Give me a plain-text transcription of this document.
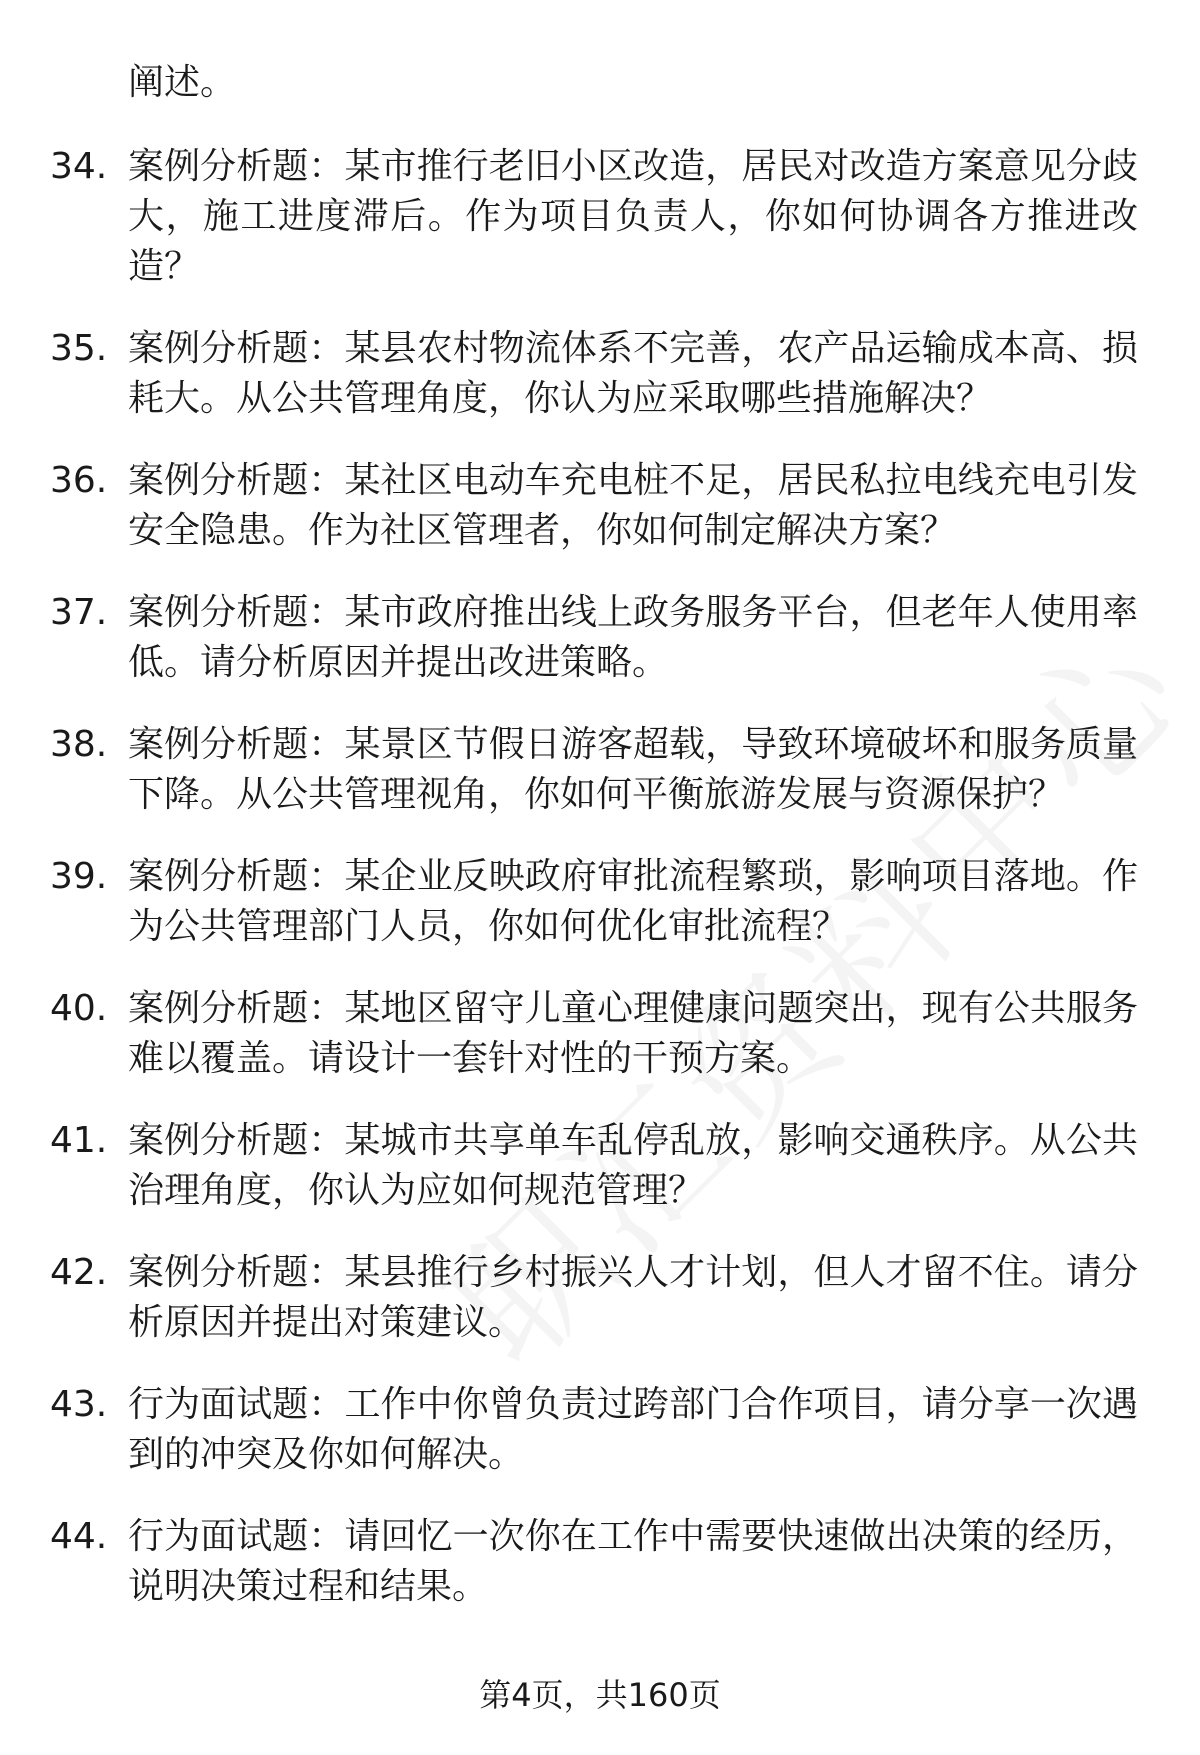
阐述。

34. 案例分析题：某市推行老旧小区改造，居民对改造方案意见分歧大，施工进度滞后。作为项目负责人，你如何协调各方推进改造？

35. 案例分析题：某县农村物流体系不完善，农产品运输成本高、损耗大。从公共管理角度，你认为应采取哪些措施解决？

36. 案例分析题：某社区电动车充电桩不足，居民私拉电线充电引发安全隐患。作为社区管理者，你如何制定解决方案？

37. 案例分析题：某市政府推出线上政务服务平台，但老年人使用率低。请分析原因并提出改进策略。

38. 案例分析题：某景区节假日游客超载，导致环境破坏和服务质量下降。从公共管理视角，你如何平衡旅游发展与资源保护？

39. 案例分析题：某企业反映政府审批流程繁琐，影响项目落地。作为公共管理部门人员，你如何优化审批流程？

40. 案例分析题：某地区留守儿童心理健康问题突出，现有公共服务难以覆盖。请设计一套针对性的干预方案。

41. 案例分析题：某城市共享单车乱停乱放，影响交通秩序。从公共治理角度，你认为应如何规范管理？

42. 案例分析题：某县推行乡村振兴人才计划，但人才留不住。请分析原因并提出对策建议。

43. 行为面试题：工作中你曾负责过跨部门合作项目，请分享一次遇到的冲突及你如何解决。

44. 行为面试题：请回忆一次你在工作中需要快速做出决策的经历，说明决策过程和结果。

第4页，共160页
